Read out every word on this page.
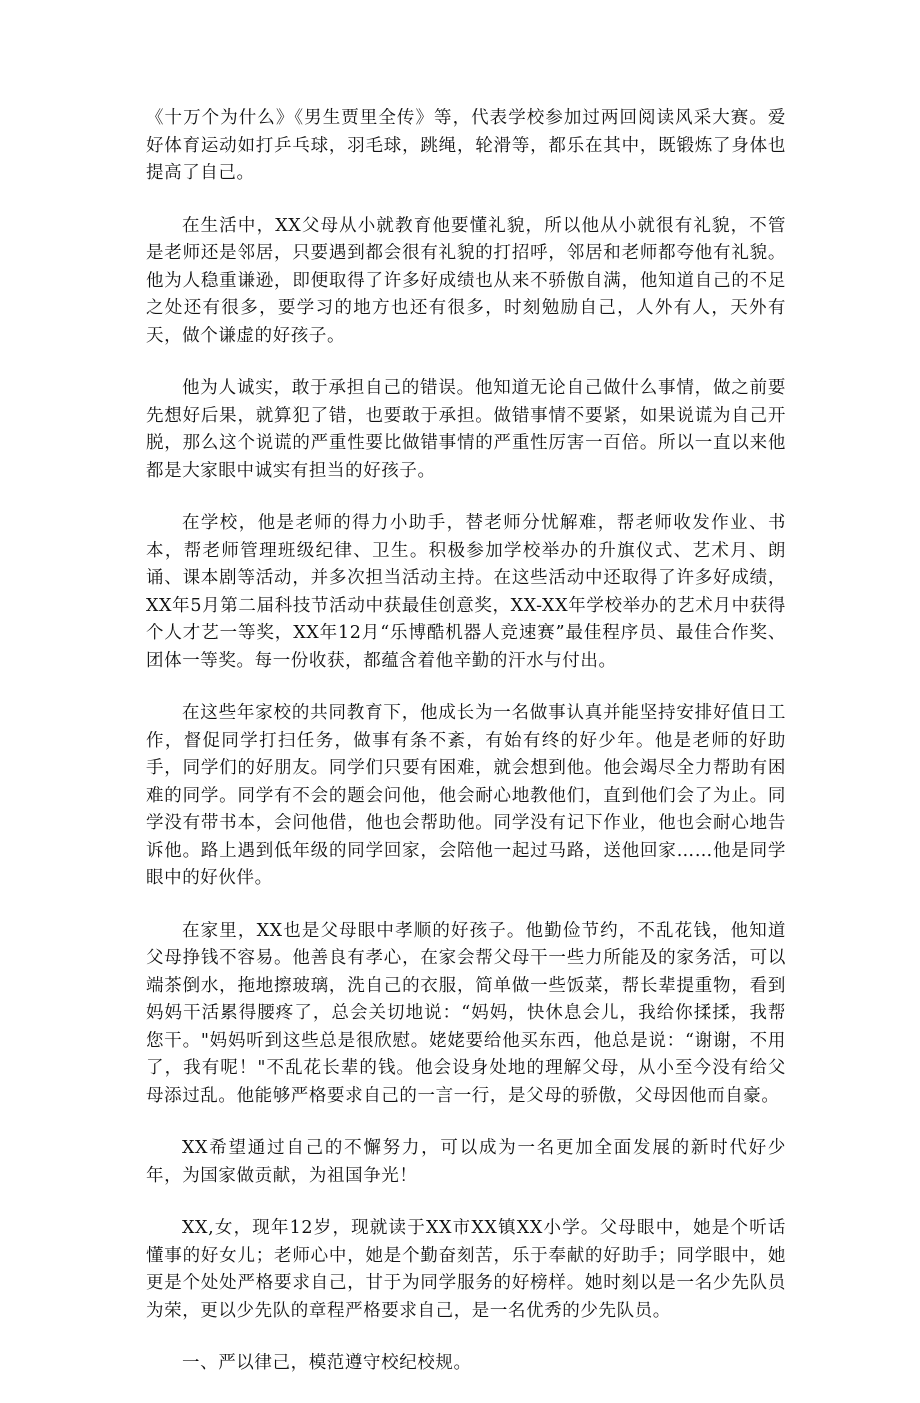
《十万个为什么》《男生贾里全传》等，代表学校参加过两回阅读风采大赛。爱好体育运动如打乒乓球，羽毛球，跳绳，轮滑等，都乐在其中，既锻炼了身体也提高了自己。

在生活中，XX父母从小就教育他要懂礼貌，所以他从小就很有礼貌，不管是老师还是邻居，只要遇到都会很有礼貌的打招呼，邻居和老师都夸他有礼貌。他为人稳重谦逊，即便取得了许多好成绩也从来不骄傲自满，他知道自己的不足之处还有很多，要学习的地方也还有很多，时刻勉励自己，人外有人，天外有天，做个谦虚的好孩子。

他为人诚实，敢于承担自己的错误。他知道无论自己做什么事情，做之前要先想好后果，就算犯了错，也要敢于承担。做错事情不要紧，如果说谎为自己开脱，那么这个说谎的严重性要比做错事情的严重性厉害一百倍。所以一直以来他都是大家眼中诚实有担当的好孩子。

在学校，他是老师的得力小助手，替老师分忧解难，帮老师收发作业、书本，帮老师管理班级纪律、卫生。积极参加学校举办的升旗仪式、艺术月、朗诵、课本剧等活动，并多次担当活动主持。在这些活动中还取得了许多好成绩，XX年5月第二届科技节活动中获最佳创意奖，XX-XX年学校举办的艺术月中获得个人才艺一等奖，XX年12月“乐博酷机器人竞速赛”最佳程序员、最佳合作奖、团体一等奖。每一份收获，都蕴含着他辛勤的汗水与付出。

在这些年家校的共同教育下，他成长为一名做事认真并能坚持安排好值日工作，督促同学打扫任务，做事有条不紊，有始有终的好少年。他是老师的好助手，同学们的好朋友。同学们只要有困难，就会想到他。他会竭尽全力帮助有困难的同学。同学有不会的题会问他，他会耐心地教他们，直到他们会了为止。同学没有带书本，会问他借，他也会帮助他。同学没有记下作业，他也会耐心地告诉他。路上遇到低年级的同学回家，会陪他一起过马路，送他回家……他是同学眼中的好伙伴。

在家里，XX也是父母眼中孝顺的好孩子。他勤俭节约，不乱花钱，他知道父母挣钱不容易。他善良有孝心，在家会帮父母干一些力所能及的家务活，可以端茶倒水，拖地擦玻璃，洗自己的衣服，简单做一些饭菜，帮长辈提重物，看到妈妈干活累得腰疼了，总会关切地说：“妈妈，快休息会儿，我给你揉揉，我帮您干。"妈妈听到这些总是很欣慰。姥姥要给他买东西，他总是说：“谢谢，不用了，我有呢！"不乱花长辈的钱。他会设身处地的理解父母，从小至今没有给父母添过乱。他能够严格要求自己的一言一行，是父母的骄傲，父母因他而自豪。

XX希望通过自己的不懈努力，可以成为一名更加全面发展的新时代好少年，为国家做贡献，为祖国争光！

XX,女，现年12岁，现就读于XX市XX镇XX小学。父母眼中，她是个听话懂事的好女儿；老师心中，她是个勤奋刻苦，乐于奉献的好助手；同学眼中，她更是个处处严格要求自己，甘于为同学服务的好榜样。她时刻以是一名少先队员为荣，更以少先队的章程严格要求自己，是一名优秀的少先队员。

一、严以律己，模范遵守校纪校规。
